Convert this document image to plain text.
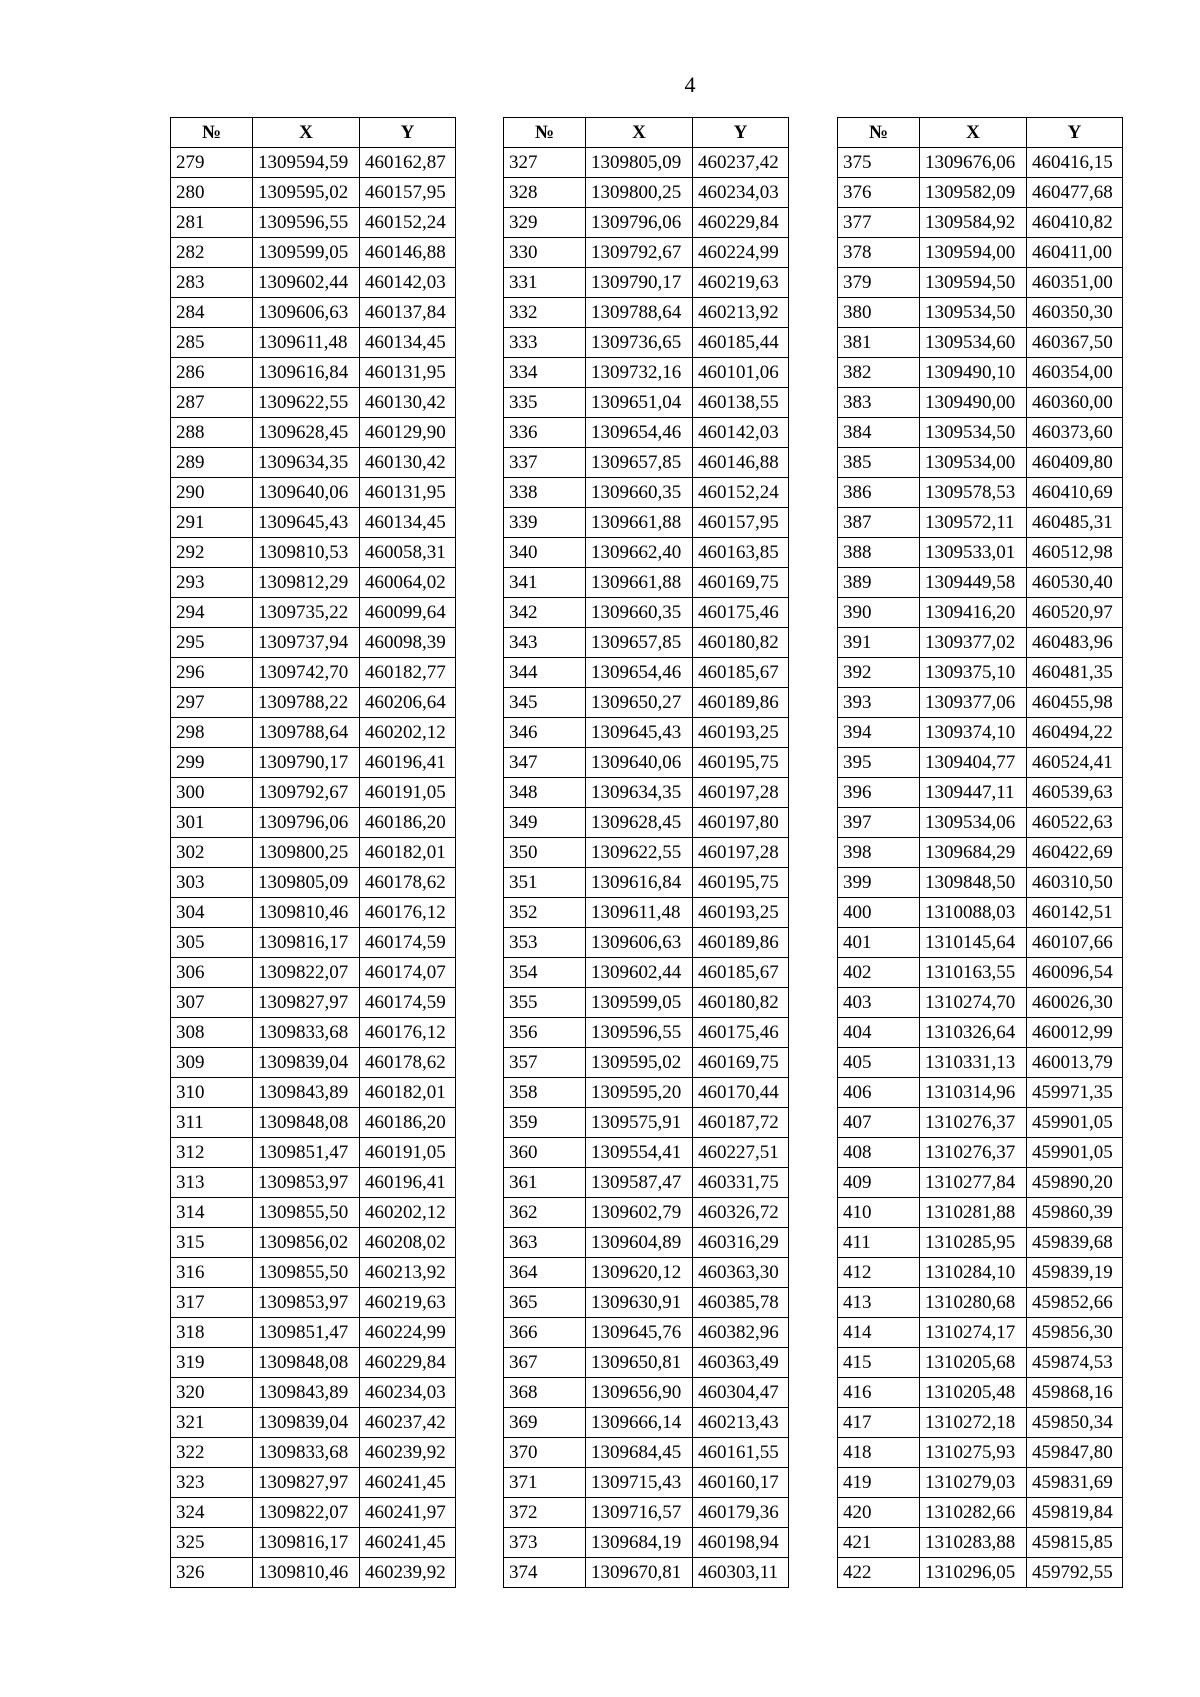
4
№	X	Y
279	1309594,59	460162,87
280	1309595,02	460157,95
281	1309596,55	460152,24
282	1309599,05	460146,88
283	1309602,44	460142,03
284	1309606,63	460137,84
285	1309611,48	460134,45
286	1309616,84	460131,95
287	1309622,55	460130,42
288	1309628,45	460129,90
289	1309634,35	460130,42
290	1309640,06	460131,95
291	1309645,43	460134,45
292	1309810,53	460058,31
293	1309812,29	460064,02
294	1309735,22	460099,64
295	1309737,94	460098,39
296	1309742,70	460182,77
297	1309788,22	460206,64
298	1309788,64	460202,12
299	1309790,17	460196,41
300	1309792,67	460191,05
301	1309796,06	460186,20
302	1309800,25	460182,01
303	1309805,09	460178,62
304	1309810,46	460176,12
305	1309816,17	460174,59
306	1309822,07	460174,07
307	1309827,97	460174,59
308	1309833,68	460176,12
309	1309839,04	460178,62
310	1309843,89	460182,01
311	1309848,08	460186,20
312	1309851,47	460191,05
313	1309853,97	460196,41
314	1309855,50	460202,12
315	1309856,02	460208,02
316	1309855,50	460213,92
317	1309853,97	460219,63
318	1309851,47	460224,99
319	1309848,08	460229,84
320	1309843,89	460234,03
321	1309839,04	460237,42
322	1309833,68	460239,92
323	1309827,97	460241,45
324	1309822,07	460241,97
325	1309816,17	460241,45
326	1309810,46	460239,92
№	X	Y
327	1309805,09	460237,42
328	1309800,25	460234,03
329	1309796,06	460229,84
330	1309792,67	460224,99
331	1309790,17	460219,63
332	1309788,64	460213,92
333	1309736,65	460185,44
334	1309732,16	460101,06
335	1309651,04	460138,55
336	1309654,46	460142,03
337	1309657,85	460146,88
338	1309660,35	460152,24
339	1309661,88	460157,95
340	1309662,40	460163,85
341	1309661,88	460169,75
342	1309660,35	460175,46
343	1309657,85	460180,82
344	1309654,46	460185,67
345	1309650,27	460189,86
346	1309645,43	460193,25
347	1309640,06	460195,75
348	1309634,35	460197,28
349	1309628,45	460197,80
350	1309622,55	460197,28
351	1309616,84	460195,75
352	1309611,48	460193,25
353	1309606,63	460189,86
354	1309602,44	460185,67
355	1309599,05	460180,82
356	1309596,55	460175,46
357	1309595,02	460169,75
358	1309595,20	460170,44
359	1309575,91	460187,72
360	1309554,41	460227,51
361	1309587,47	460331,75
362	1309602,79	460326,72
363	1309604,89	460316,29
364	1309620,12	460363,30
365	1309630,91	460385,78
366	1309645,76	460382,96
367	1309650,81	460363,49
368	1309656,90	460304,47
369	1309666,14	460213,43
370	1309684,45	460161,55
371	1309715,43	460160,17
372	1309716,57	460179,36
373	1309684,19	460198,94
374	1309670,81	460303,11
№	X	Y
375	1309676,06	460416,15
376	1309582,09	460477,68
377	1309584,92	460410,82
378	1309594,00	460411,00
379	1309594,50	460351,00
380	1309534,50	460350,30
381	1309534,60	460367,50
382	1309490,10	460354,00
383	1309490,00	460360,00
384	1309534,50	460373,60
385	1309534,00	460409,80
386	1309578,53	460410,69
387	1309572,11	460485,31
388	1309533,01	460512,98
389	1309449,58	460530,40
390	1309416,20	460520,97
391	1309377,02	460483,96
392	1309375,10	460481,35
393	1309377,06	460455,98
394	1309374,10	460494,22
395	1309404,77	460524,41
396	1309447,11	460539,63
397	1309534,06	460522,63
398	1309684,29	460422,69
399	1309848,50	460310,50
400	1310088,03	460142,51
401	1310145,64	460107,66
402	1310163,55	460096,54
403	1310274,70	460026,30
404	1310326,64	460012,99
405	1310331,13	460013,79
406	1310314,96	459971,35
407	1310276,37	459901,05
408	1310276,37	459901,05
409	1310277,84	459890,20
410	1310281,88	459860,39
411	1310285,95	459839,68
412	1310284,10	459839,19
413	1310280,68	459852,66
414	1310274,17	459856,30
415	1310205,68	459874,53
416	1310205,48	459868,16
417	1310272,18	459850,34
418	1310275,93	459847,80
419	1310279,03	459831,69
420	1310282,66	459819,84
421	1310283,88	459815,85
422	1310296,05	459792,55
